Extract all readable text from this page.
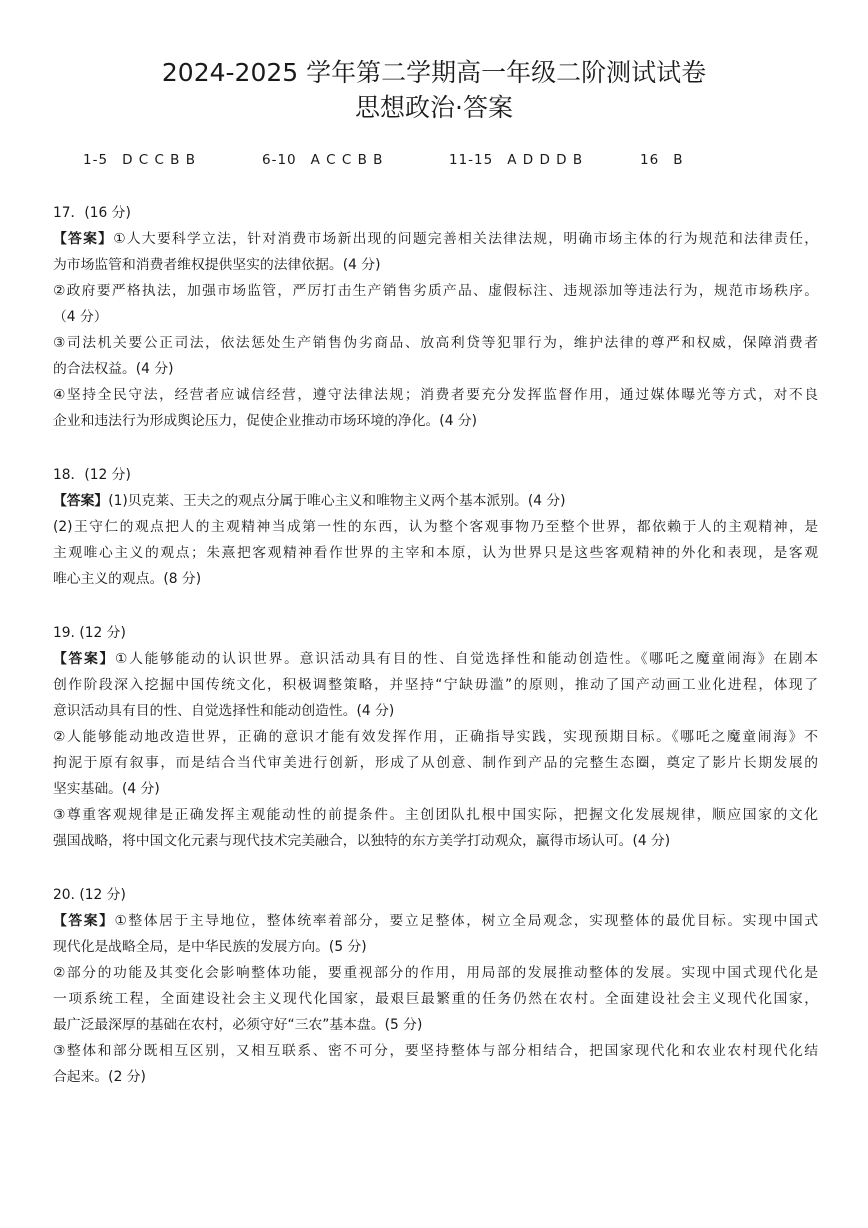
2024-2025 学年第二学期高一年级二阶测试试卷
思想政治·答案
1-5 D C C B B	6-10 A C C B B	11-15 A D D D B	16 B

17．(16 分)

【答案】①人大要科学立法，针对消费市场新出现的问题完善相关法律法规，明确市场主体的行为规范和法律责任，

为市场监管和消费者维权提供坚实的法律依据。(4 分)

②政府要严格执法，加强市场监管，严厉打击生产销售劣质产品、虚假标注、违规添加等违法行为，规范市场秩序。

（4 分）

③司法机关要公正司法，依法惩处生产销售伪劣商品、放高利贷等犯罪行为，维护法律的尊严和权威，保障消费者

的合法权益。(4 分)

④坚持全民守法，经营者应诚信经营，遵守法律法规；消费者要充分发挥监督作用，通过媒体曝光等方式，对不良

企业和违法行为形成舆论压力，促使企业推动市场环境的净化。(4 分)

18．(12 分)

【答案】(1)贝克莱、王夫之的观点分属于唯心主义和唯物主义两个基本派别。(4 分)

(2)王守仁的观点把人的主观精神当成第一性的东西，认为整个客观事物乃至整个世界，都依赖于人的主观精神，是

主观唯心主义的观点；朱熹把客观精神看作世界的主宰和本原，认为世界只是这些客观精神的外化和表现，是客观

唯心主义的观点。(8 分)

19. (12 分)

【答案】①人能够能动的认识世界。意识活动具有目的性、自觉选择性和能动创造性。《哪吒之魔童闹海》在剧本

创作阶段深入挖掘中国传统文化，积极调整策略，并坚持“宁缺毋滥”的原则，推动了国产动画工业化进程，体现了

意识活动具有目的性、自觉选择性和能动创造性。(4 分)

②人能够能动地改造世界，正确的意识才能有效发挥作用，正确指导实践，实现预期目标。《哪吒之魔童闹海》不

拘泥于原有叙事，而是结合当代审美进行创新，形成了从创意、制作到产品的完整生态圈，奠定了影片长期发展的

坚实基础。(4 分)

③尊重客观规律是正确发挥主观能动性的前提条件。主创团队扎根中国实际，把握文化发展规律，顺应国家的文化

强国战略，将中国文化元素与现代技术完美融合，以独特的东方美学打动观众，赢得市场认可。(4 分)

20. (12 分)

【答案】①整体居于主导地位，整体统率着部分，要立足整体，树立全局观念，实现整体的最优目标。实现中国式

现代化是战略全局，是中华民族的发展方向。(5 分)

②部分的功能及其变化会影响整体功能，要重视部分的作用，用局部的发展推动整体的发展。实现中国式现代化是

一项系统工程，全面建设社会主义现代化国家，最艰巨最繁重的任务仍然在农村。全面建设社会主义现代化国家，

最广泛最深厚的基础在农村，必须守好“三农”基本盘。(5 分)

③整体和部分既相互区别，又相互联系、密不可分，要坚持整体与部分相结合，把国家现代化和农业农村现代化结

合起来。(2 分)
